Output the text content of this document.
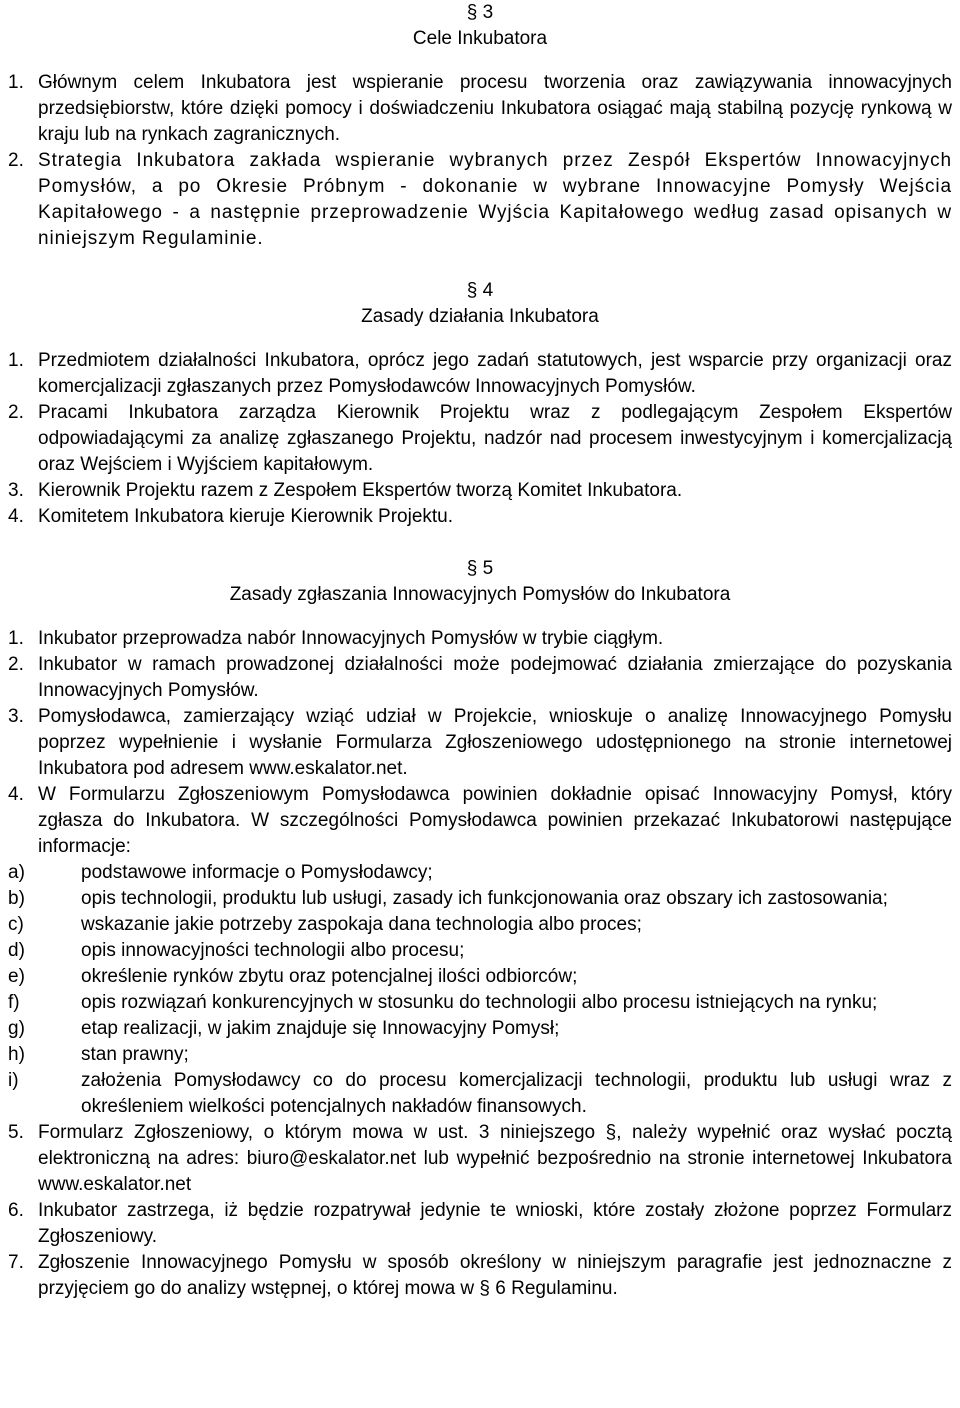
§ 3
Cele Inkubatora
1. Głównym celem Inkubatora jest wspieranie procesu tworzenia oraz zawiązywania innowacyjnych przedsiębiorstw, które dzięki pomocy i doświadczeniu Inkubatora osiągać mają stabilną pozycję rynkową w kraju lub na rynkach zagranicznych.
2. Strategia Inkubatora zakłada wspieranie wybranych przez Zespół Ekspertów Innowacyjnych Pomysłów, a po Okresie Próbnym - dokonanie w wybrane Innowacyjne Pomysły Wejścia Kapitałowego - a następnie przeprowadzenie Wyjścia Kapitałowego według zasad opisanych w niniejszym Regulaminie.
§ 4
Zasady działania Inkubatora
1. Przedmiotem działalności Inkubatora, oprócz jego zadań statutowych, jest wsparcie przy organizacji oraz komercjalizacji zgłaszanych przez Pomysłodawców Innowacyjnych Pomysłów.
2. Pracami Inkubatora zarządza Kierownik Projektu wraz z podlegającym Zespołem Ekspertów odpowiadającymi za analizę zgłaszanego Projektu, nadzór nad procesem inwestycyjnym i komercjalizacją oraz Wejściem i Wyjściem kapitałowym.
3. Kierownik Projektu razem z Zespołem Ekspertów tworzą Komitet Inkubatora.
4. Komitetem Inkubatora kieruje Kierownik Projektu.
§ 5
Zasady zgłaszania Innowacyjnych Pomysłów do Inkubatora
1. Inkubator przeprowadza nabór Innowacyjnych Pomysłów w trybie ciągłym.
2. Inkubator w ramach prowadzonej działalności może podejmować działania zmierzające do pozyskania Innowacyjnych Pomysłów.
3. Pomysłodawca, zamierzający wziąć udział w Projekcie, wnioskuje o analizę Innowacyjnego Pomysłu poprzez wypełnienie i wysłanie Formularza Zgłoszeniowego udostępnionego na stronie internetowej Inkubatora pod adresem www.eskalator.net.
4. W Formularzu Zgłoszeniowym Pomysłodawca powinien dokładnie opisać Innowacyjny Pomysł, który zgłasza do Inkubatora. W szczególności Pomysłodawca powinien przekazać Inkubatorowi następujące informacje:
a)	podstawowe informacje o Pomysłodawcy;
b)	opis technologii, produktu lub usługi, zasady ich funkcjonowania oraz obszary ich zastosowania;
c)	wskazanie jakie potrzeby zaspokaja dana technologia albo proces;
d)	opis innowacyjności technologii albo procesu;
e)	określenie rynków zbytu oraz potencjalnej ilości odbiorców;
f)	opis rozwiązań konkurencyjnych w stosunku do technologii albo procesu istniejących na rynku;
g)	etap realizacji, w jakim znajduje się Innowacyjny Pomysł;
h)	stan prawny;
i)	założenia Pomysłodawcy co do procesu komercjalizacji technologii, produktu lub usługi wraz z określeniem wielkości potencjalnych nakładów finansowych.
5. Formularz Zgłoszeniowy, o którym mowa w ust. 3 niniejszego §, należy wypełnić oraz wysłać pocztą elektroniczną na adres: biuro@eskalator.net lub wypełnić bezpośrednio na stronie internetowej Inkubatora www.eskalator.net
6. Inkubator zastrzega, iż będzie rozpatrywał jedynie te wnioski, które zostały złożone poprzez Formularz Zgłoszeniowy.
7. Zgłoszenie Innowacyjnego Pomysłu w sposób określony w niniejszym paragrafie jest jednoznaczne z przyjęciem go do analizy wstępnej, o której mowa w § 6 Regulaminu.
